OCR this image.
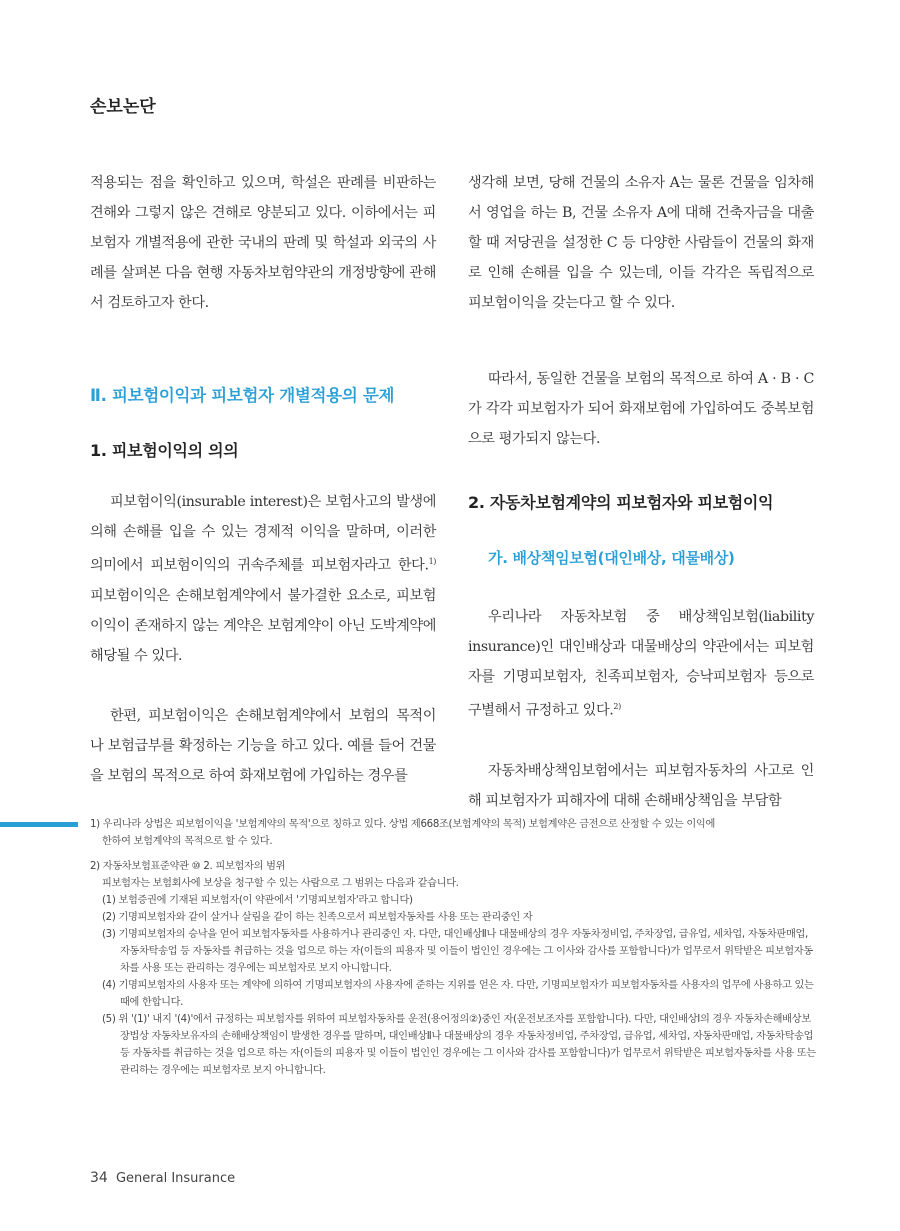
손보논단

적용되는 점을 확인하고 있으며, 학설은 판례를 비판하는 견해와 그렇지 않은 견해로 양분되고 있다. 이하에서는 피보험자 개별적용에 관한 국내의 판례 및 학설과 외국의 사례를 살펴본 다음 현행 자동차보험약관의 개정방향에 관해서 검토하고자 한다.

Ⅱ. 피보험이익과 피보험자 개별적용의 문제

1. 피보험이익의 의의

피보험이익(insurable interest)은 보험사고의 발생에 의해 손해를 입을 수 있는 경제적 이익을 말하며, 이러한 의미에서 피보험이익의 귀속주체를 피보험자라고 한다.$^{1)}$ 피보험이익은 손해보험계약에서 불가결한 요소로, 피보험이익이 존재하지 않는 계약은 보험계약이 아닌 도박계약에 해당될 수 있다.

한편, 피보험이익은 손해보험계약에서 보험의 목적이나 보험급부를 확정하는 기능을 하고 있다. 예를 들어 건물을 보험의 목적으로 하여 화재보험에 가입하는 경우를

생각해 보면, 당해 건물의 소유자 A는 물론 건물을 임차해서 영업을 하는 B, 건물 소유자 A에 대해 건축자금을 대출할 때 저당권을 설정한 C 등 다양한 사람들이 건물의 화재로 인해 손해를 입을 수 있는데, 이들 각각은 독립적으로 피보험이익을 갖는다고 할 수 있다.

따라서, 동일한 건물을 보험의 목적으로 하여 A · B · C가 각각 피보험자가 되어 화재보험에 가입하여도 중복보험으로 평가되지 않는다.

2. 자동차보험계약의 피보험자와 피보험이익

가. 배상책임보험(대인배상, 대물배상)

우리나라 자동차보험 중 배상책임보험(liability insurance)인 대인배상과 대물배상의 약관에서는 피보험자를 기명피보험자, 친족피보험자, 승낙피보험자 등으로 구별해서 규정하고 있다.$^{2)}$

자동차배상책임보험에서는 피보험자동차의 사고로 인해 피보험자가 피해자에 대해 손해배상책임을 부담함

1) 우리나라 상법은 피보험이익을 '보험계약의 목적'으로 칭하고 있다. 상법 제668조(보험계약의 목적) 보험계약은 금전으로 산정할 수 있는 이익에

한하여 보험계약의 목적으로 할 수 있다.

2) 자동차보험표준약관 ⑩ 2. 피보험자의 범위

피보험자는 보험회사에 보상을 청구할 수 있는 사람으로 그 범위는 다음과 같습니다.

(1) 보험증권에 기재된 피보험자(이 약관에서 '기명피보험자'라고 합니다)

(2) 기명피보험자와 같이 살거나 살림을 같이 하는 친족으로서 피보험자동차를 사용 또는 관리중인 자

(3) 기명피보험자의 승낙을 얻어 피보험자동차를 사용하거나 관리중인 자. 다만, 대인배상Ⅱ나 대물배상의 경우 자동차정비업, 주차장업, 급유업, 세차업, 자동차판매업, 자동차탁송업 등 자동차를 취급하는 것을 업으로 하는 자(이들의 피용자 및 이들이 법인인 경우에는 그 이사와 감사를 포함합니다)가 업무로서 위탁받은 피보험자동차를 사용 또는 관리하는 경우에는 피보험자로 보지 아니합니다.

(4) 기명피보험자의 사용자 또는 계약에 의하여 기명피보험자의 사용자에 준하는 지위를 얻은 자. 다만, 기명피보험자가 피보험자동차를 사용자의 업무에 사용하고 있는 때에 한합니다.

(5) 위 '(1)' 내지 '(4)'에서 규정하는 피보험자를 위하여 피보험자동차를 운전(용어정의②)중인 자(운전보조자를 포함합니다). 다만, 대인배상Ⅰ의 경우 자동차손해배상보장법상 자동차보유자의 손해배상책임이 발생한 경우를 말하며, 대인배상Ⅱ나 대물배상의 경우 자동차정비업, 주차장업, 급유업, 세차업, 자동차판매업, 자동차탁송업 등 자동차를 취급하는 것을 업으로 하는 자(이들의 피용자 및 이들이 법인인 경우에는 그 이사와 감사를 포함합니다)가 업무로서 위탁받은 피보험자동차를 사용 또는 관리하는 경우에는 피보험자로 보지 아니합니다.

34 General Insurance
